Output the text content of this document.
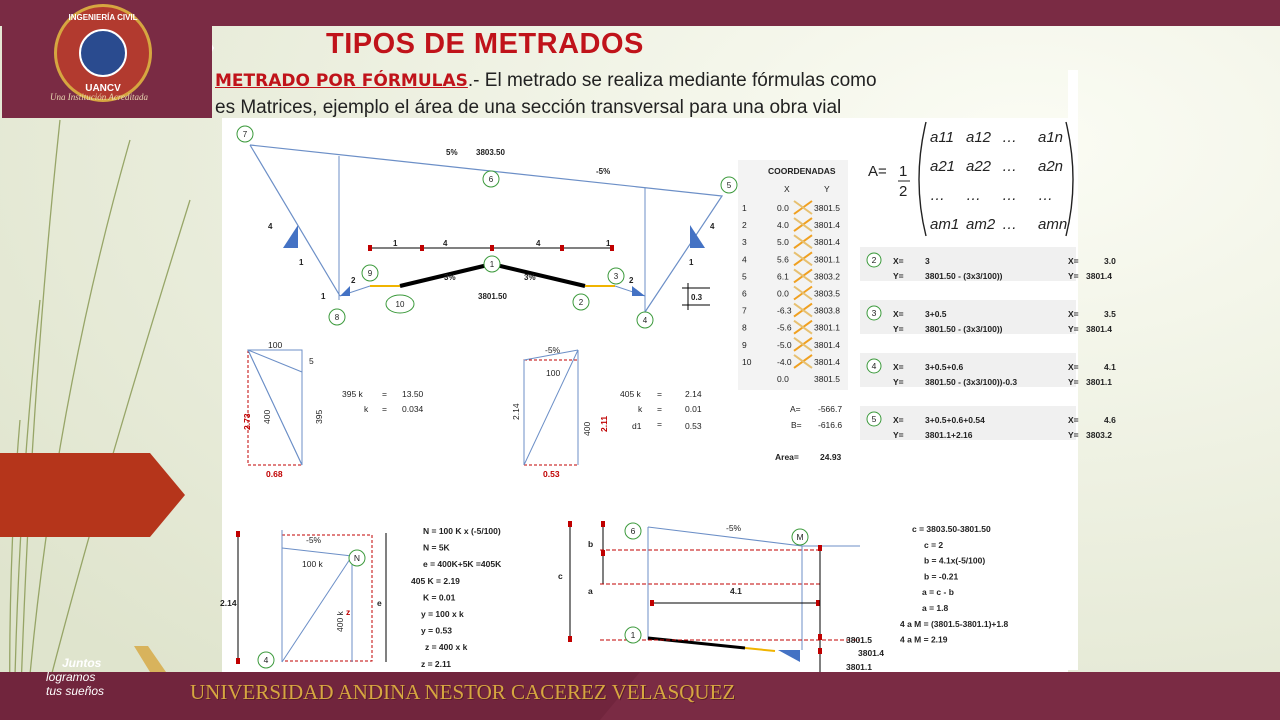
INGENIERÍA CIVIL
UANCV
Una Institución Acreditada
TIPOS DE METRADOS
METRADO POR FÓRMULAS.- El metrado se realiza mediante fórmulas como
es Matrices, ejemplo el área de una sección transversal para una obra vial
5% 3803.50
-5%
4
1
2
1
4
1
2
0.3
1	4	4	1
3%	3%
3801.50
7
6
5
9
1
3
10	2
8	4
COORDENADAS
X	Y
1	0.0	3801.5
2	4.0	3801.4
3	5.0	3801.4
4	5.6	3801.1
5	6.1	3803.2
6	0.0	3803.5
7	-6.3	3803.8
8	-5.6	3801.1
9	-5.0	3801.4
10	-4.0	3801.4
0.0	3801.5
A= -566.7
B= -616.6
Area= 24.93
A= 1
2
a11 a12 … a1n
a21 a22 … a2n
… … … …
am1 am2 … amn
2 X=	3	X=	3.0
Y=	3801.50 - (3x3/100))	Y= 3801.4
3 X=	3+0.5	X=	3.5
Y=	3801.50 - (3x3/100))	Y= 3801.4
4 X=	3+0.5+0.6	X=	4.1
Y=	3801.50 - (3x3/100))-0.3	Y= 3801.1
5 X=	3+0.5+0.6+0.54	X=	4.6
Y=	3801.1+2.16	Y= 3803.2
100
5
2.73 400	395
0.68
395 k = 13.50
k = 0.034
-5%
100
2.14
2.11
400
0.53
405 k =	2.14
k =	0.01
d1 =	0.53
N
4
-5%
100 k
2.14	e
z
400 k
N = 100 K x (-5/100)
N = 5K
e = 400K+5K =405K
405 K = 2.19
K = 0.01
y = 100 x k
y = 0.53
z = 400 x k
z = 2.11
6
M
1
-5%
b
c
a	4.1
3801.5
3801.4
3801.1
c = 3803.50-3801.50
c = 2
b = 4.1x(-5/100)
b = -0.21
a = c - b
a = 1.8
4 a M = (3801.5-3801.1)+1.8
4 a M = 2.19
UNIVERSIDAD ANDINA NESTOR CACEREZ VELASQUEZ
Juntos
logramos
tus sueños
